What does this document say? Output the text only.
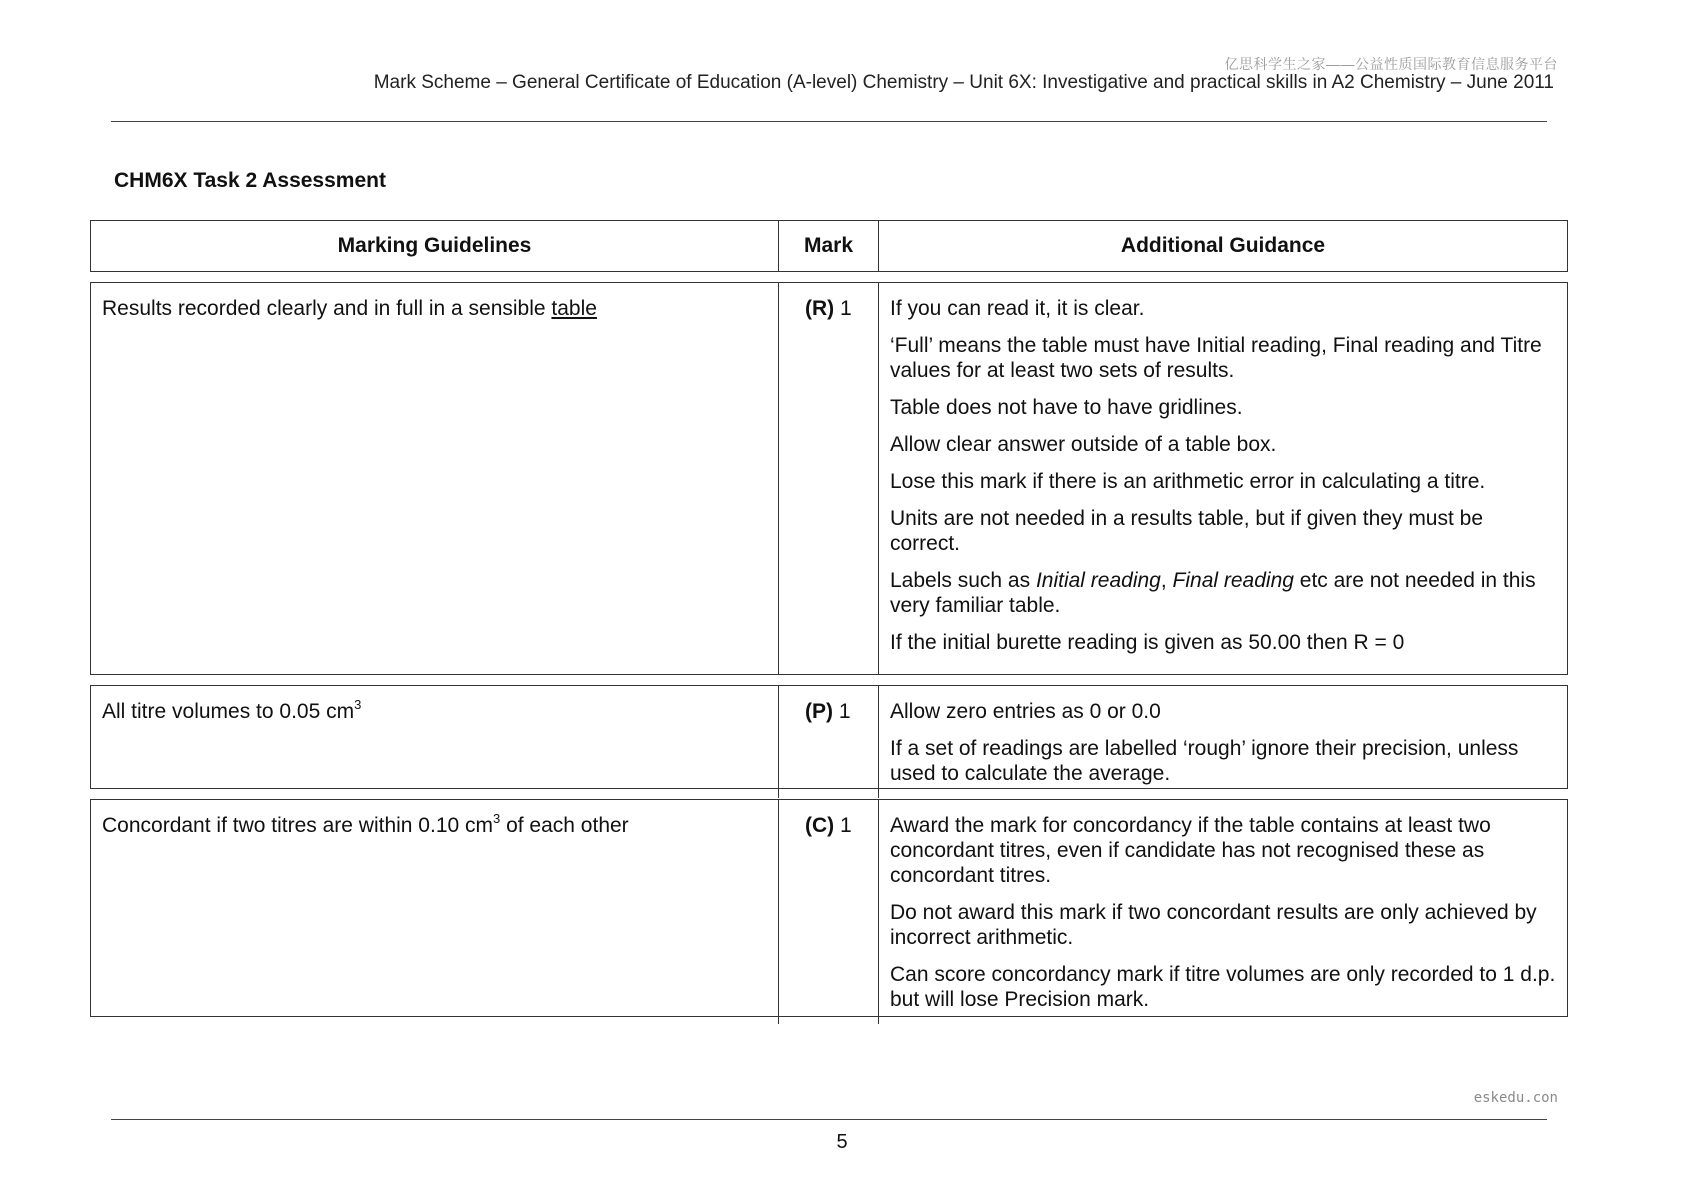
亿思科学生之家——公益性质国际教育信息服务平台
Mark Scheme – General Certificate of Education (A-level) Chemistry – Unit 6X: Investigative and practical skills in A2 Chemistry – June 2011
CHM6X Task 2 Assessment
Marking Guidelines	Mark	Additional Guidance
Results recorded clearly and in full in a sensible table	(R) 1	If you can read it, it is clear.

‘Full’ means the table must have Initial reading, Final reading and Titre values for at least two sets of results.

Table does not have to have gridlines.

Allow clear answer outside of a table box.

Lose this mark if there is an arithmetic error in calculating a titre.

Units are not needed in a results table, but if given they must be correct.

Labels such as Initial reading, Final reading etc are not needed in this very familiar table.

If the initial burette reading is given as 50.00 then R = 0

All titre volumes to 0.05 $cm^3$	(P) 1	Allow zero entries as 0 or 0.0

If a set of readings are labelled ‘rough’ ignore their precision, unless used to calculate the average.

Concordant if two titres are within 0.10 $cm^3$ of each other	(C) 1	Award the mark for concordancy if the table contains at least two concordant titres, even if candidate has not recognised these as concordant titres.

Do not award this mark if two concordant results are only achieved by incorrect arithmetic.

Can score concordancy mark if titre volumes are only recorded to 1 d.p. but will lose Precision mark.

eskedu.con
5
